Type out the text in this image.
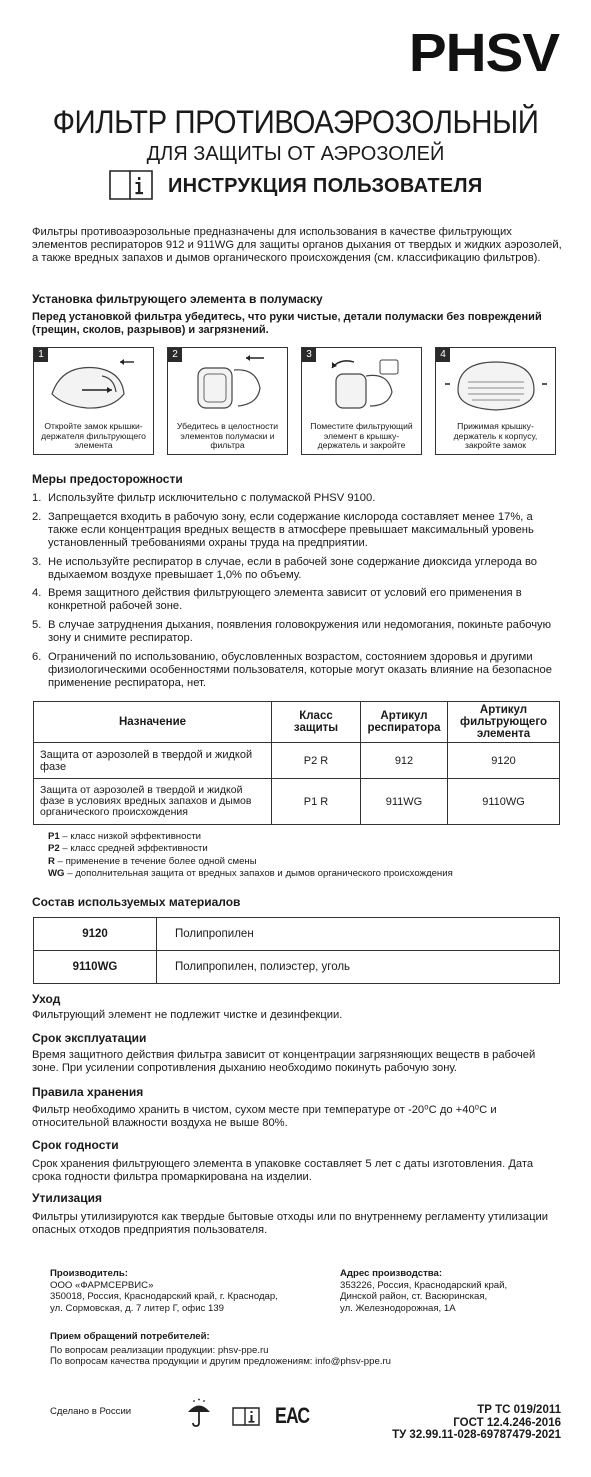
PHSV
ФИЛЬТР ПРОТИВОАЭРОЗОЛЬНЫЙ
ДЛЯ ЗАЩИТЫ ОТ АЭРОЗОЛЕЙ
ИНСТРУКЦИЯ ПОЛЬЗОВАТЕЛЯ
Фильтры противоаэрозольные предназначены для использования в качестве фильтрующих элементов респираторов 912 и 911WG для защиты органов дыхания от твердых и жидких аэрозолей, а также вредных запахов и дымов органического происхождения (см. классификацию фильтров).
Установка фильтрующего элемента в полумаску
Перед установкой фильтра убедитесь, что руки чистые, детали полумаски без повреждений (трещин, сколов, разрывов) и загрязнений.
1
Откройте замок крышки-держателя фильтрующего элемента
2
Убедитесь в целостности элементов полумаски и фильтра
3
Поместите фильтрующий элемент в крышку-держатель и закройте
4
Прижимая крышку-держатель к корпусу, закройте замок
Меры предосторожности
1. Используйте фильтр исключительно с полумаской PHSV 9100.
2. Запрещается входить в рабочую зону, если содержание кислорода составляет менее 17%, а также если концентрация вредных веществ в атмосфере превышает максимальный уровень установленный требованиями охраны труда на предприятии.
3. Не используйте респиратор в случае, если в рабочей зоне содержание диоксида углерода во вдыхаемом воздухе превышает 1,0% по объему.
4. Время защитного действия фильтрующего элемента зависит от условий его применения в конкретной рабочей зоне.
5. В случае затруднения дыхания, появления головокружения или недомогания, покиньте рабочую зону и снимите респиратор.
6. Ограничений по использованию, обусловленных возрастом, состоянием здоровья и другими физиологическими особенностями пользователя, которые могут оказать влияние на безопасное применение респиратора, нет.
Назначение	Класс защиты	Артикул респиратора	Артикул фильтрующего элемента
Защита от аэрозолей в твердой и жидкой фазе	P2 R	912	9120
Защита от аэрозолей в твердой и жидкой фазе в условиях вредных запахов и дымов органического происхождения	P1 R	911WG	9110WG
P1 – класс низкой эффективности
P2 – класс средней эффективности
R – применение в течение более одной смены
WG – дополнительная защита от вредных запахов и дымов органического происхождения
Состав используемых материалов
9120	Полипропилен
9110WG	Полипропилен, полиэстер, уголь
Уход
Фильтрующий элемент не подлежит чистке и дезинфекции.
Срок эксплуатации
Время защитного действия фильтра зависит от концентрации загрязняющих веществ в рабочей зоне. При усилении сопротивления дыханию необходимо покинуть рабочую зону.
Правила хранения
Фильтр необходимо хранить в чистом, сухом месте при температуре от -20⁰С до +40⁰С и относительной влажности воздуха не выше 80%.
Срок годности
Срок хранения фильтрующего элемента в упаковке составляет 5 лет с даты изготовления. Дата срока годности фильтра промаркирована на изделии.
Утилизация
Фильтры утилизируются как твердые бытовые отходы или по внутреннему регламенту утилизации опасных отходов предприятия пользователя.
Производитель:
ООО «ФАРМСЕРВИС»
350018, Россия, Краснодарский край, г. Краснодар,
ул. Сормовская, д. 7 литер Г, офис 139
Адрес производства:
353226, Россия, Краснодарский край,
Динской район, ст. Васюринская,
ул. Железнодорожная, 1А
Прием обращений потребителей:
По вопросам реализации продукции: phsv-ppe.ru
По вопросам качества продукции и другим предложениям: info@phsv-ppe.ru
Сделано в России	ЕАС	ТР ТС 019/2011
ГОСТ 12.4.246-2016
ТУ 32.99.11-028-69787479-2021
